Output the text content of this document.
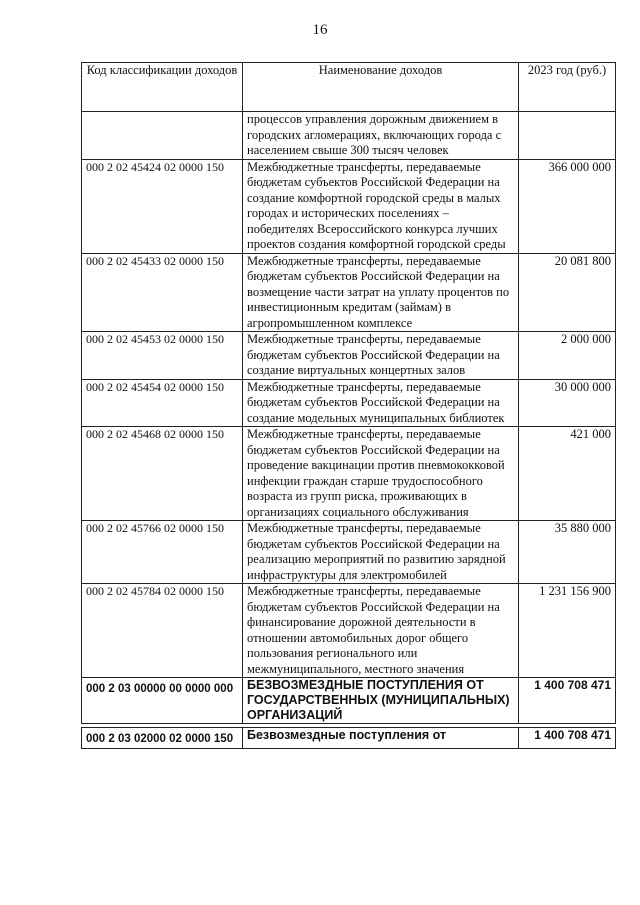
16
Код классификации доходов	Наименование доходов	2023 год (руб.)
	процессов управления дорожным движением в городских агломерациях, включающих города с населением свыше 300 тысяч человек	
000 2 02 45424 02 0000 150	Межбюджетные трансферты, передаваемые бюджетам субъектов Российской Федерации на создание комфортной городской среды в малых городах и исторических поселениях – победителях Всероссийского конкурса лучших проектов создания комфортной городской среды	366 000 000
000 2 02 45433 02 0000 150	Межбюджетные трансферты, передаваемые бюджетам субъектов Российской Федерации на возмещение части затрат на уплату процентов по инвестиционным кредитам (займам) в агропромышленном комплексе	20 081 800
000 2 02 45453 02 0000 150	Межбюджетные трансферты, передаваемые бюджетам субъектов Российской Федерации на создание виртуальных концертных залов	2 000 000
000 2 02 45454 02 0000 150	Межбюджетные трансферты, передаваемые бюджетам субъектов Российской Федерации на создание модельных муниципальных библиотек	30 000 000
000 2 02 45468 02 0000 150	Межбюджетные трансферты, передаваемые бюджетам субъектов Российской Федерации на проведение вакцинации против пневмококковой инфекции граждан старше трудоспособного возраста из групп риска, проживающих в организациях социального обслуживания	421 000
000 2 02 45766 02 0000 150	Межбюджетные трансферты, передаваемые бюджетам субъектов Российской Федерации на реализацию мероприятий по развитию зарядной инфраструктуры для электромобилей	35 880 000
000 2 02 45784 02 0000 150	Межбюджетные трансферты, передаваемые бюджетам субъектов Российской Федерации на финансирование дорожной деятельности в отношении автомобильных дорог общего пользования регионального или межмуниципального, местного значения	1 231 156 900
000 2 03 00000 00 0000 000	БЕЗВОЗМЕЗДНЫЕ ПОСТУПЛЕНИЯ ОТ ГОСУДАРСТВЕННЫХ (МУНИЦИПАЛЬНЫХ) ОРГАНИЗАЦИЙ	1 400 708 471

000 2 03 02000 02 0000 150	Безвозмездные поступления от	1 400 708 471
